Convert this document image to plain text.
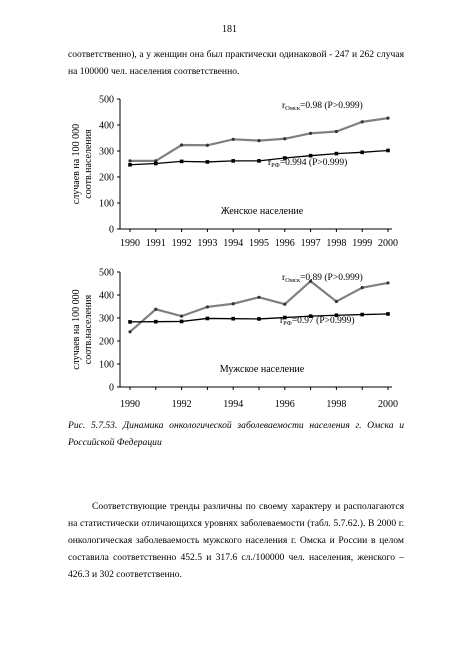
181

соответственно), а у женщин она был практически одинаковой - 247 и 262 случая на 100000 чел. населения соответственно.

0
100
200
300
400
500
1990 1991 1992 1993 1994 1995 1996 1997 1998 1999 2000
случаев на 100 000 соотв.населения
Женское население
$r_{Омск}=0.98$ (P>0.999)
$r_{РФ}=0.994$ (P>0.999)
0
100
200
300
400
500
1990	1992	1994	1996	1998	2000
случаев на 100 000 соотв.населения
Мужское население
$r_{Омск}=0.89$ (P>0.999)
$r_{РФ}=0.97$ (P>0.999)

Рис. 5.7.53. Динамика онкологической заболеваемости населения г. Омска и Российской Федерации

Соответствующие тренды различны по своему характеру и располагаются на статистически отличающихся уровнях заболеваемости (табл. 5.7.62.). В 2000 г. онкологическая заболеваемость мужского населения г. Омска и России в целом составила соответственно 452.5 и 317.6 сл./100000 чел. населения, женского – 426.3 и 302 соответственно.
